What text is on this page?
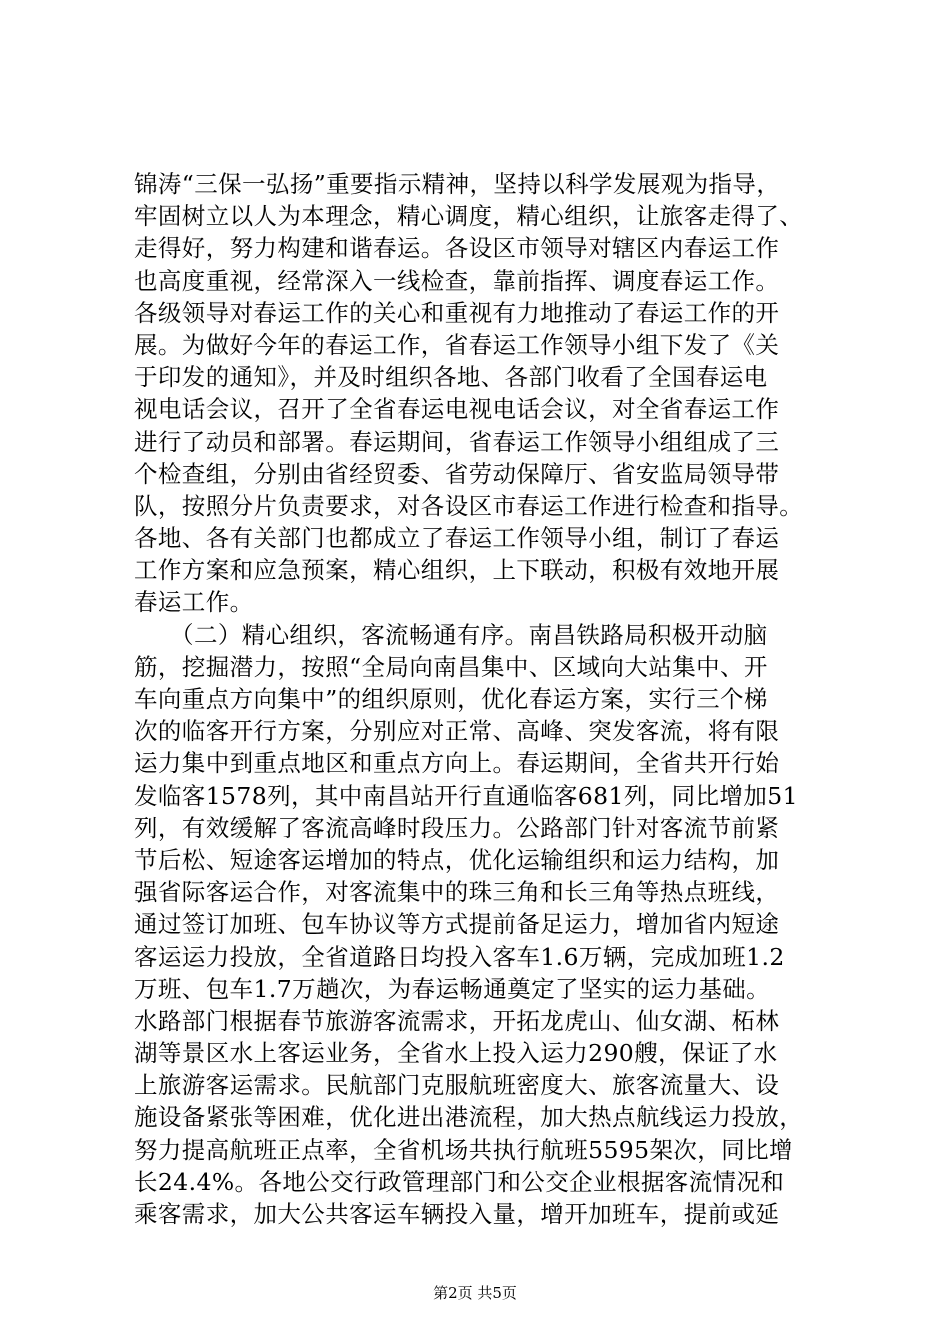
锦涛“三保一弘扬”重要指示精神，坚持以科学发展观为指导，
牢固树立以人为本理念，精心调度，精心组织，让旅客走得了、
走得好，努力构建和谐春运。各设区市领导对辖区内春运工作
也高度重视，经常深入一线检查，靠前指挥、调度春运工作。
各级领导对春运工作的关心和重视有力地推动了春运工作的开
展。为做好今年的春运工作，省春运工作领导小组下发了《关
于印发的通知》，并及时组织各地、各部门收看了全国春运电
视电话会议，召开了全省春运电视电话会议，对全省春运工作
进行了动员和部署。春运期间，省春运工作领导小组组成了三
个检查组，分别由省经贸委、省劳动保障厅、省安监局领导带
队，按照分片负责要求，对各设区市春运工作进行检查和指导。
各地、各有关部门也都成立了春运工作领导小组，制订了春运
工作方案和应急预案，精心组织，上下联动，积极有效地开展
春运工作。
　　（二）精心组织，客流畅通有序。南昌铁路局积极开动脑
筋，挖掘潜力，按照“全局向南昌集中、区域向大站集中、开
车向重点方向集中”的组织原则，优化春运方案，实行三个梯
次的临客开行方案，分别应对正常、高峰、突发客流，将有限
运力集中到重点地区和重点方向上。春运期间，全省共开行始
发临客1578列，其中南昌站开行直通临客681列，同比增加51
列，有效缓解了客流高峰时段压力。公路部门针对客流节前紧
节后松、短途客运增加的特点，优化运输组织和运力结构，加
强省际客运合作，对客流集中的珠三角和长三角等热点班线，
通过签订加班、包车协议等方式提前备足运力，增加省内短途
客运运力投放，全省道路日均投入客车1.6万辆，完成加班1.2
万班、包车1.7万趟次，为春运畅通奠定了坚实的运力基础。
水路部门根据春节旅游客流需求，开拓龙虎山、仙女湖、柘林
湖等景区水上客运业务，全省水上投入运力290艘，保证了水
上旅游客运需求。民航部门克服航班密度大、旅客流量大、设
施设备紧张等困难，优化进出港流程，加大热点航线运力投放，
努力提高航班正点率，全省机场共执行航班5595架次，同比增
长24.4%。各地公交行政管理部门和公交企业根据客流情况和
乘客需求，加大公共客运车辆投入量，增开加班车，提前或延
第2页 共5页
